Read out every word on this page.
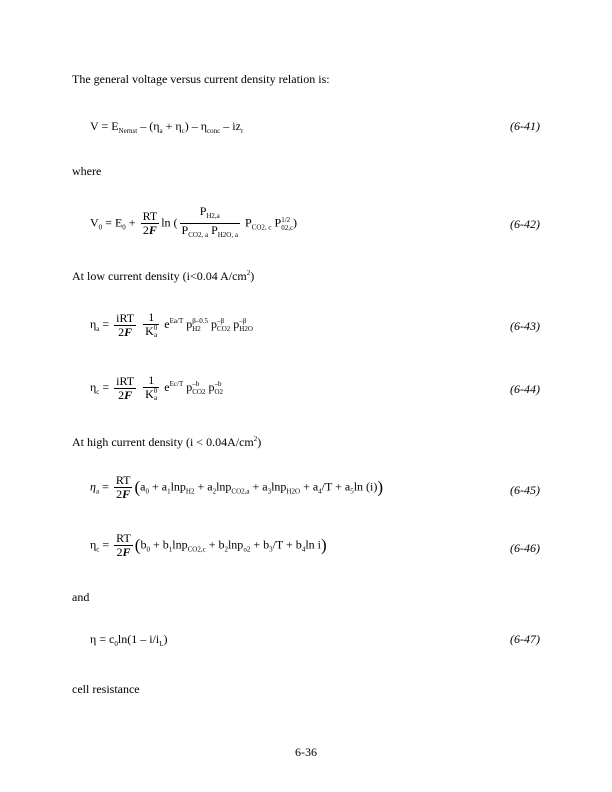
The general voltage versus current density relation is:
$V = E_{Nernst} - (\eta_a + \eta_c) - \eta_{conc} - iz_r$	(6-41)
where
$V_0 = E_0 + \frac{RT}{2F}$ ln ( $\frac{P_{H2,a}}{P_{CO2, a} P_{H2O, a}} P_{CO2, c}$ P 1/2
02,c )	(6-42)
At low current density (i<0.04 $A/cm^2$)
$\eta_a = \frac{\text{iRT}}{2F}$
1
K 0
a $e^{Ea/T}$ p β–0.5
H2 p –β
CO2 p –β
H2O	(6-43)
$\eta_c = \frac{\text{iRT}}{2F}$
1
K 0
a $e^{Ec/T}$ p –b
CO2 p –b
O2	(6-44)
At high current density $(i < 0.04A/cm^2)$
$\eta_a = \frac{RT}{2F} (a_0 + a_1\ln p_{H2} + a_2\ln p_{CO2,a} + a_3\ln p_{H2O} + a_4/T + a_5\ln$ (i))	(6-45)
$\eta_c = \frac{RT}{2F} (b_0 + b_1\ln p_{CO2,c} + b_2\ln p_{o2} + b_3/T + b_4\ln$ i)	(6-46)
and
$\eta = c_0\ln(1 - i/i_L)$	(6-47)
cell resistance
6-36
